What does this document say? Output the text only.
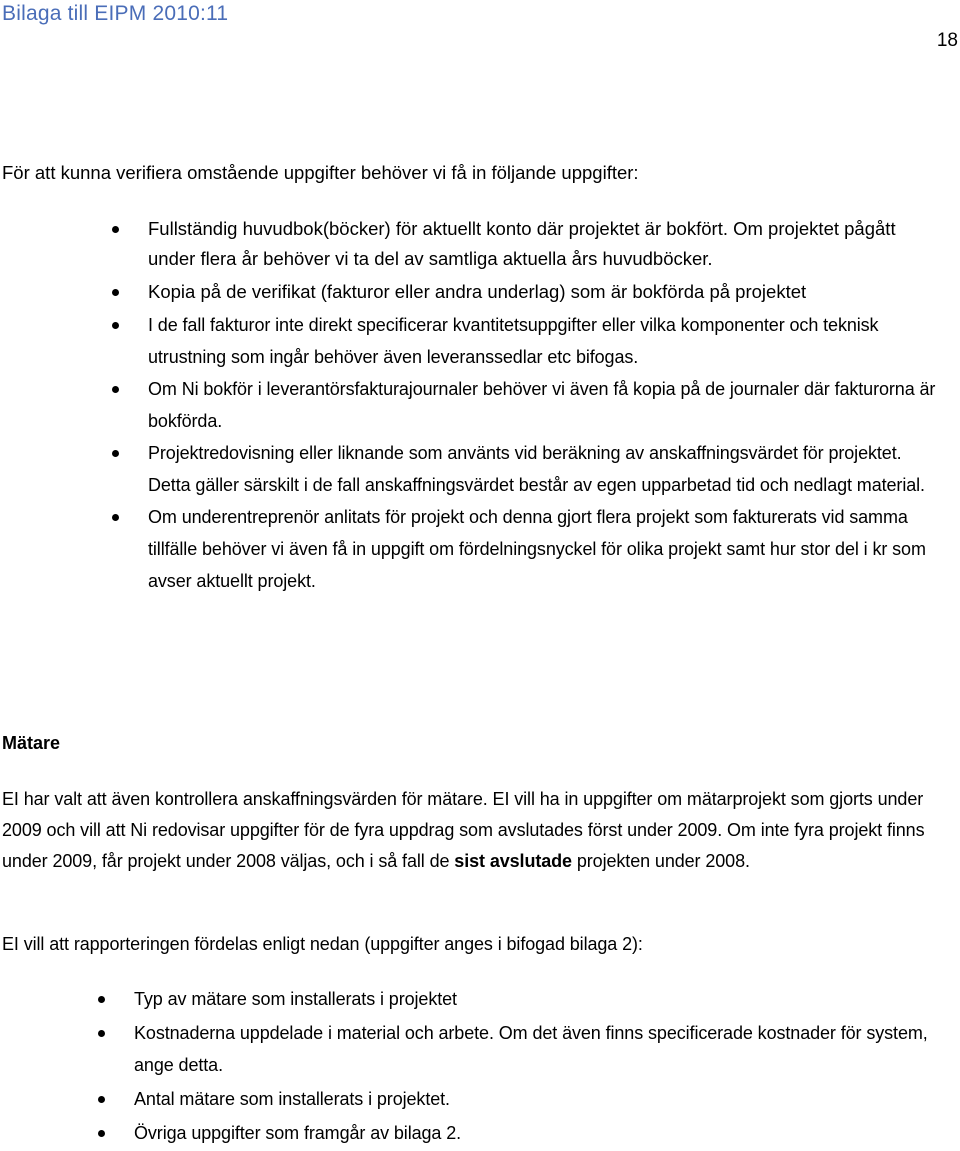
Bilaga till EIPM 2010:11
18
För att kunna verifiera omstående uppgifter behöver vi få in följande uppgifter:
Fullständig huvudbok(böcker) för aktuellt konto där projektet är bokfört. Om projektet pågått under flera år behöver vi ta del av samtliga aktuella års huvudböcker.
Kopia på de verifikat (fakturor eller andra underlag) som är bokförda på projektet
I de fall fakturor inte direkt specificerar kvantitetsuppgifter eller vilka komponenter och teknisk utrustning som ingår behöver även leveranssedlar etc bifogas.
Om Ni bokför i leverantörsfakturajournaler behöver vi även få kopia på de journaler där fakturorna är bokförda.
Projektredovisning eller liknande som använts vid beräkning av anskaffningsvärdet för projektet. Detta gäller särskilt i de fall anskaffningsvärdet består av egen upparbetad tid och nedlagt material.
Om underentreprenör anlitats för projekt och denna gjort flera projekt som fakturerats vid samma tillfälle behöver vi även få in uppgift om fördelningsnyckel för olika projekt samt hur stor del i kr som avser aktuellt projekt.
Mätare
EI har valt att även kontrollera anskaffningsvärden för mätare. EI vill ha in uppgifter om mätarprojekt som gjorts under 2009 och vill att Ni redovisar uppgifter för de fyra uppdrag som avslutades först under 2009. Om inte fyra projekt finns under 2009, får projekt under 2008 väljas, och i så fall de sist avslutade projekten under 2008.
EI vill att rapporteringen fördelas enligt nedan (uppgifter anges i bifogad bilaga 2):
Typ av mätare som installerats i projektet
Kostnaderna uppdelade i material och arbete. Om det även finns specificerade kostnader för system, ange detta.
Antal mätare som installerats i projektet.
Övriga uppgifter som framgår av bilaga 2.
